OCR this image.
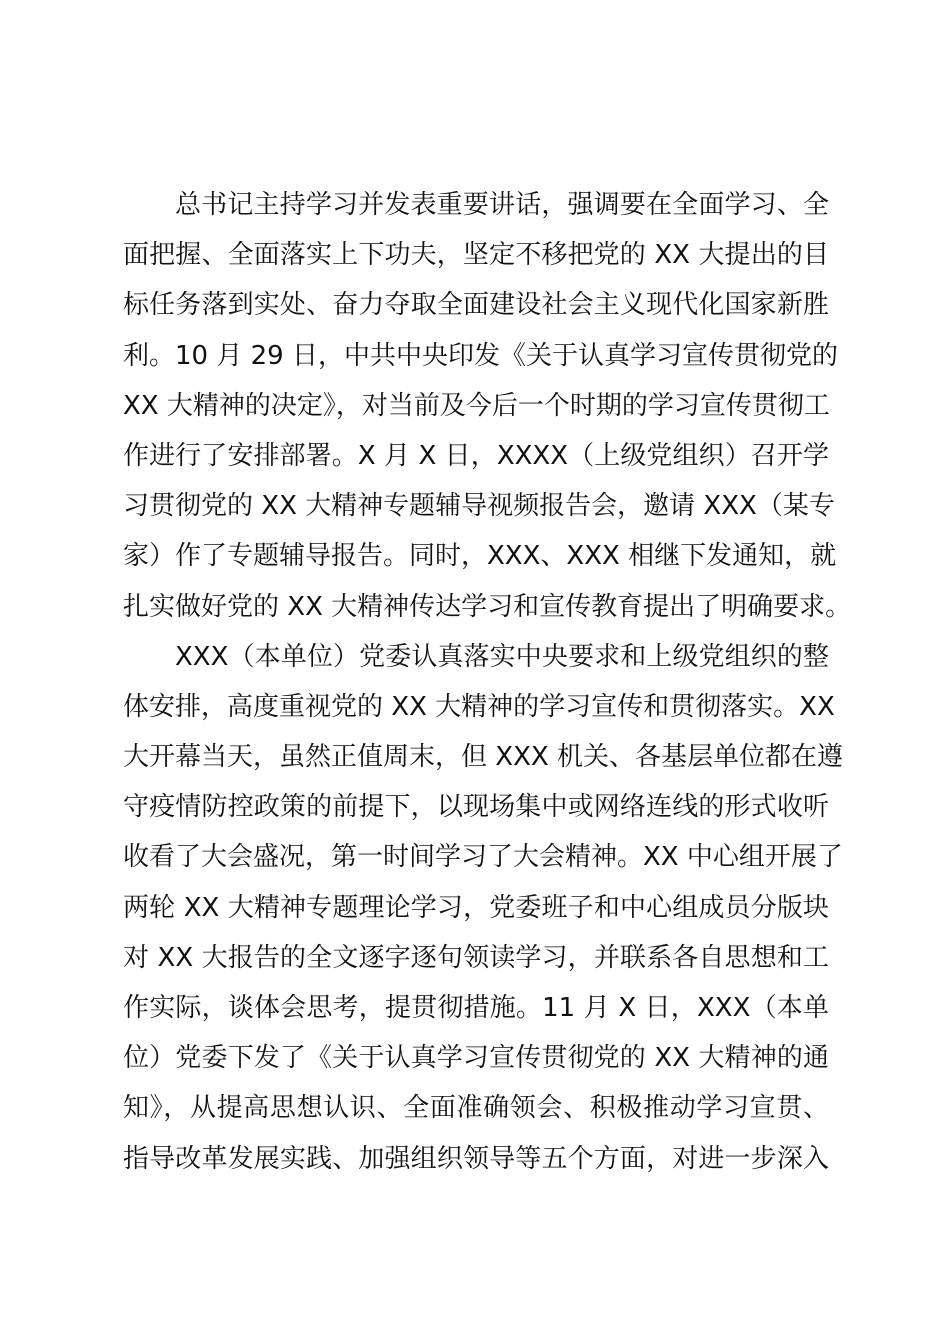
总书记主持学习并发表重要讲话，强调要在全面学习、全
面把握、全面落实上下功夫，坚定不移把党的 XX 大提出的目
标任务落到实处、奋力夺取全面建设社会主义现代化国家新胜
利。10 月 29 日，中共中央印发《关于认真学习宣传贯彻党的
XX 大精神的决定》，对当前及今后一个时期的学习宣传贯彻工
作进行了安排部署。X 月 X 日，XXXX（上级党组织）召开学
习贯彻党的 XX 大精神专题辅导视频报告会，邀请 XXX（某专
家）作了专题辅导报告。同时，XXX、XXX 相继下发通知，就
扎实做好党的 XX 大精神传达学习和宣传教育提出了明确要求。
XXX（本单位）党委认真落实中央要求和上级党组织的整
体安排，高度重视党的 XX 大精神的学习宣传和贯彻落实。XX
大开幕当天，虽然正值周末，但 XXX 机关、各基层单位都在遵
守疫情防控政策的前提下，以现场集中或网络连线的形式收听
收看了大会盛况，第一时间学习了大会精神。XX 中心组开展了
两轮 XX 大精神专题理论学习，党委班子和中心组成员分版块
对 XX 大报告的全文逐字逐句领读学习，并联系各自思想和工
作实际，谈体会思考，提贯彻措施。11 月 X 日，XXX（本单
位）党委下发了《关于认真学习宣传贯彻党的 XX 大精神的通
知》，从提高思想认识、全面准确领会、积极推动学习宣贯、
指导改革发展实践、加强组织领导等五个方面，对进一步深入
